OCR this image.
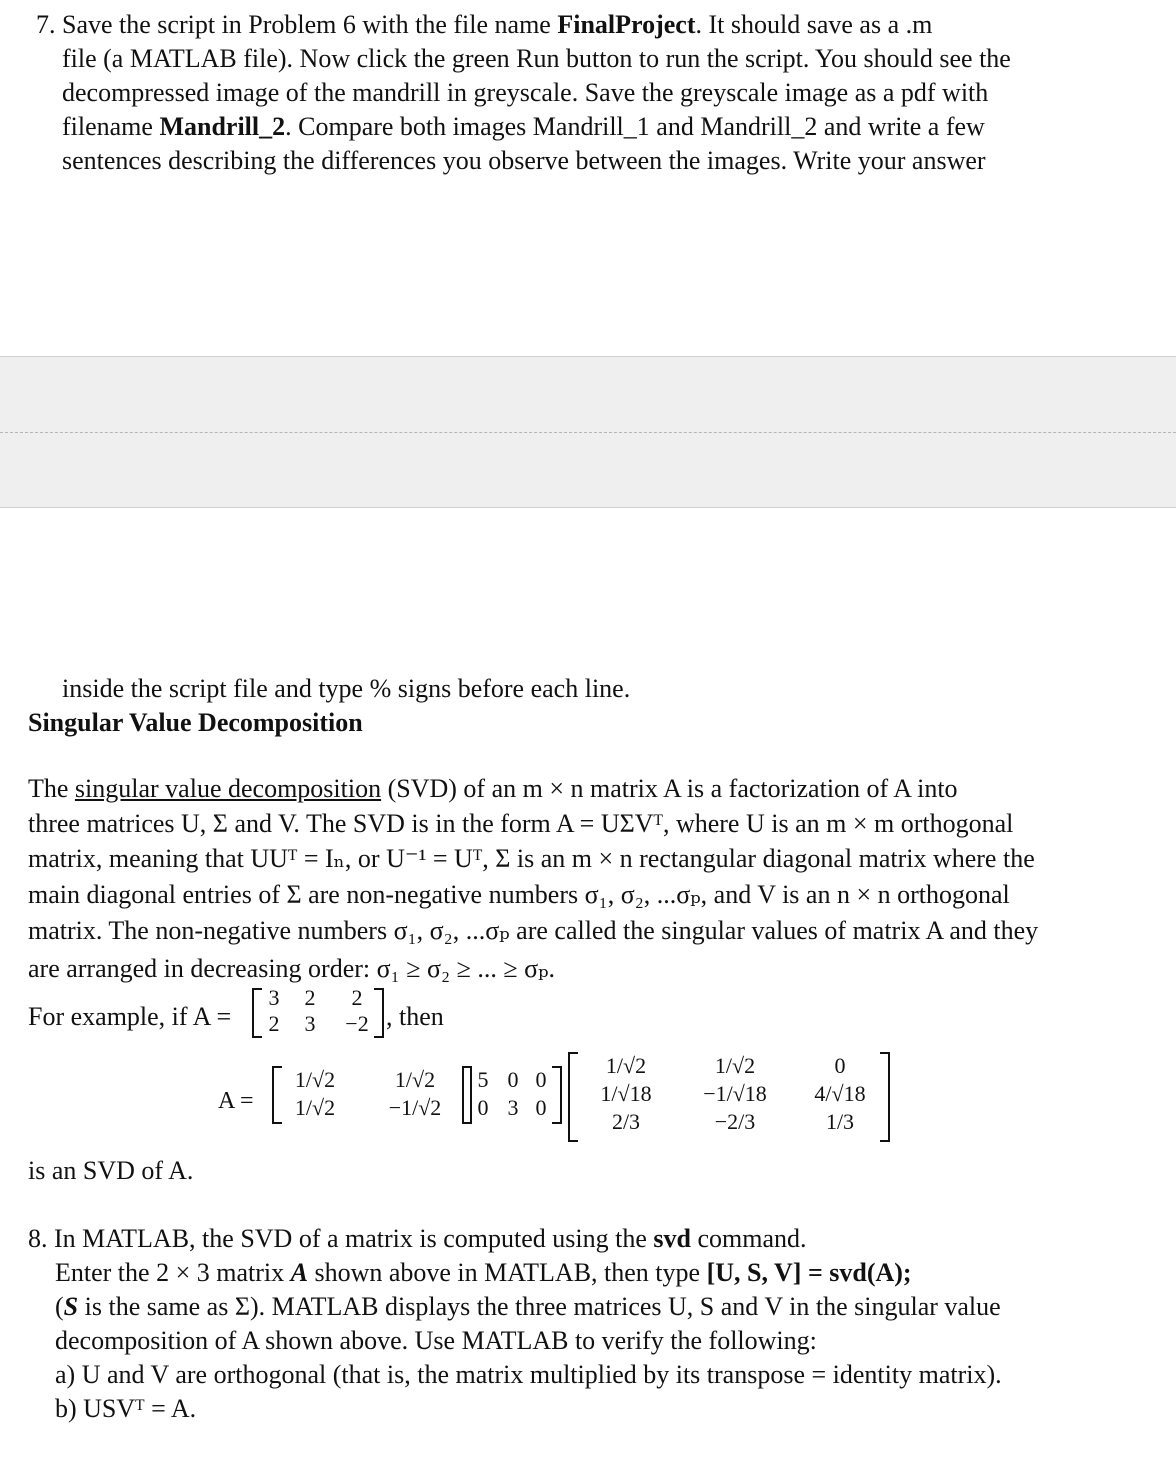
7. Save the script in Problem 6 with the file name FinalProject. It should save as a .m
file (a MATLAB file). Now click the green Run button to run the script. You should see the
decompressed image of the mandrill in greyscale. Save the greyscale image as a pdf with
filename Mandrill_2. Compare both images Mandrill_1 and Mandrill_2 and write a few
sentences describing the differences you observe between the images. Write your answer
inside the script file and type % signs before each line.
Singular Value Decomposition
The singular value decomposition (SVD) of an m × n matrix A is a factorization of A into
three matrices U, Σ and V. The SVD is in the form A = UΣVᵀ, where U is an m × m orthogonal
matrix, meaning that UUᵀ = Iₙ, or U⁻¹ = Uᵀ, Σ is an m × n rectangular diagonal matrix where the
main diagonal entries of Σ are non-negative numbers σ₁, σ₂, ...σₚ, and V is an n × n orthogonal
matrix. The non-negative numbers σ₁, σ₂, ...σₚ are called the singular values of matrix A and they
are arranged in decreasing order: σ₁ ≥ σ₂ ≥ ... ≥ σₚ.
For example, if A =
3 2	2
2 3 −2 , then
A =
1/√2	1/√2
1/√2	−1/√2
5 0 0
0 3 0
1/√2	1/√2	0
1/√18	−1/√18	4/√18
2/3	−2/3	1/3
is an SVD of A.
8. In MATLAB, the SVD of a matrix is computed using the svd command.
Enter the 2 × 3 matrix A shown above in MATLAB, then type [U, S, V] = svd(A);
(S is the same as Σ). MATLAB displays the three matrices U, S and V in the singular value
decomposition of A shown above. Use MATLAB to verify the following:
a) U and V are orthogonal (that is, the matrix multiplied by its transpose = identity matrix).
b) USVᵀ = A.
